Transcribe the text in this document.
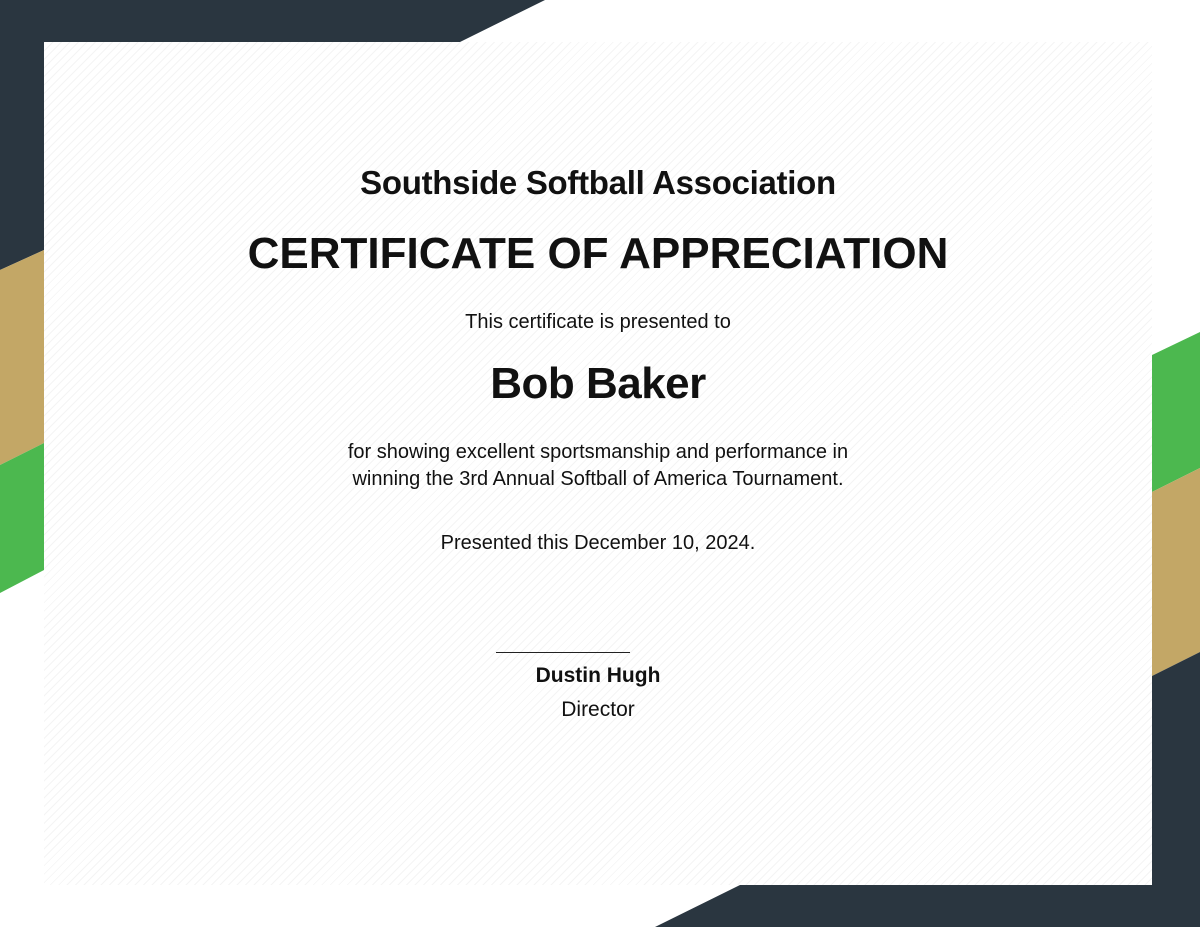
Southside Softball Association
CERTIFICATE OF APPRECIATION
This certificate is presented to
Bob Baker
for showing excellent sportsmanship and performance in
winning the 3rd Annual Softball of America Tournament.
Presented this December 10, 2024.
Dustin Hugh
Director
